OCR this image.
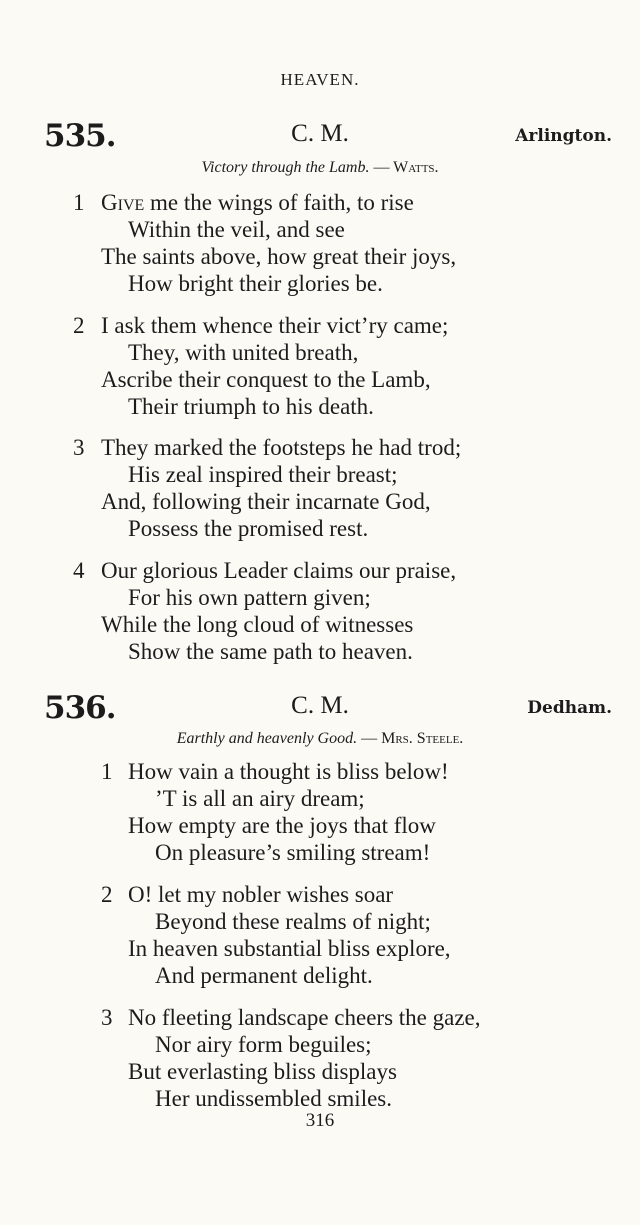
HEAVEN.
535.	C. M.	Arlington.
Victory through the Lamb. — Watts.
1 Give me the wings of faith, to rise
Within the veil, and see
The saints above, how great their joys,
How bright their glories be.
2 I ask them whence their vict’ry came;
They, with united breath,
Ascribe their conquest to the Lamb,
Their triumph to his death.
3 They marked the footsteps he had trod;
His zeal inspired their breast;
And, following their incarnate God,
Possess the promised rest.
4 Our glorious Leader claims our praise,
For his own pattern given;
While the long cloud of witnesses
Show the same path to heaven.
536.	C. M.	Dedham.
Earthly and heavenly Good. — Mrs. Steele.
1 How vain a thought is bliss below!
’T is all an airy dream;
How empty are the joys that flow
On pleasure’s smiling stream!
2 O! let my nobler wishes soar
Beyond these realms of night;
In heaven substantial bliss explore,
And permanent delight.
3 No fleeting landscape cheers the gaze,
Nor airy form beguiles;
But everlasting bliss displays
Her undissembled smiles.
316
